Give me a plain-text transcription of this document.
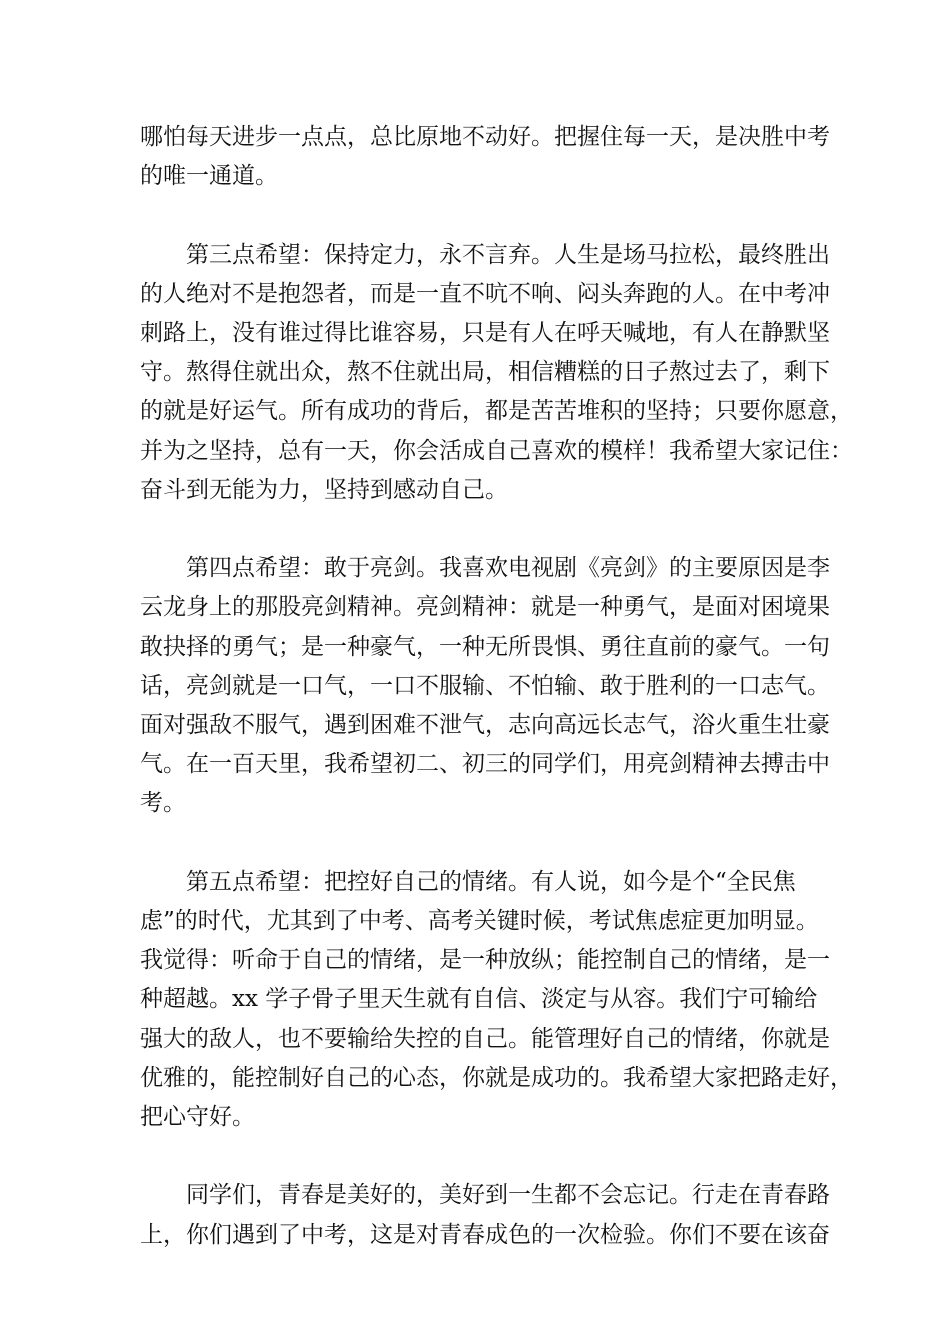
哪怕每天进步一点点，总比原地不动好。把握住每一天，是决胜中考
的唯一通道。

第三点希望：保持定力，永不言弃。人生是场马拉松，最终胜出
的人绝对不是抱怨者，而是一直不吭不响、闷头奔跑的人。在中考冲
刺路上，没有谁过得比谁容易，只是有人在呼天喊地，有人在静默坚
守。熬得住就出众，熬不住就出局，相信糟糕的日子熬过去了，剩下
的就是好运气。所有成功的背后，都是苦苦堆积的坚持；只要你愿意，
并为之坚持，总有一天，你会活成自己喜欢的模样！我希望大家记住：
奋斗到无能为力，坚持到感动自己。

第四点希望：敢于亮剑。我喜欢电视剧《亮剑》的主要原因是李
云龙身上的那股亮剑精神。亮剑精神：就是一种勇气，是面对困境果
敢抉择的勇气；是一种豪气，一种无所畏惧、勇往直前的豪气。一句
话，亮剑就是一口气，一口不服输、不怕输、敢于胜利的一口志气。
面对强敌不服气，遇到困难不泄气，志向高远长志气，浴火重生壮豪
气。在一百天里，我希望初二、初三的同学们，用亮剑精神去搏击中
考。

第五点希望：把控好自己的情绪。有人说，如今是个“全民焦
虑”的时代，尤其到了中考、高考关键时候，考试焦虑症更加明显。
我觉得：听命于自己的情绪，是一种放纵；能控制自己的情绪，是一
种超越。xx 学子骨子里天生就有自信、淡定与从容。我们宁可输给
强大的敌人，也不要输给失控的自己。能管理好自己的情绪，你就是
优雅的，能控制好自己的心态，你就是成功的。我希望大家把路走好，
把心守好。

同学们，青春是美好的，美好到一生都不会忘记。行走在青春路
上，你们遇到了中考，这是对青春成色的一次检验。你们不要在该奋
